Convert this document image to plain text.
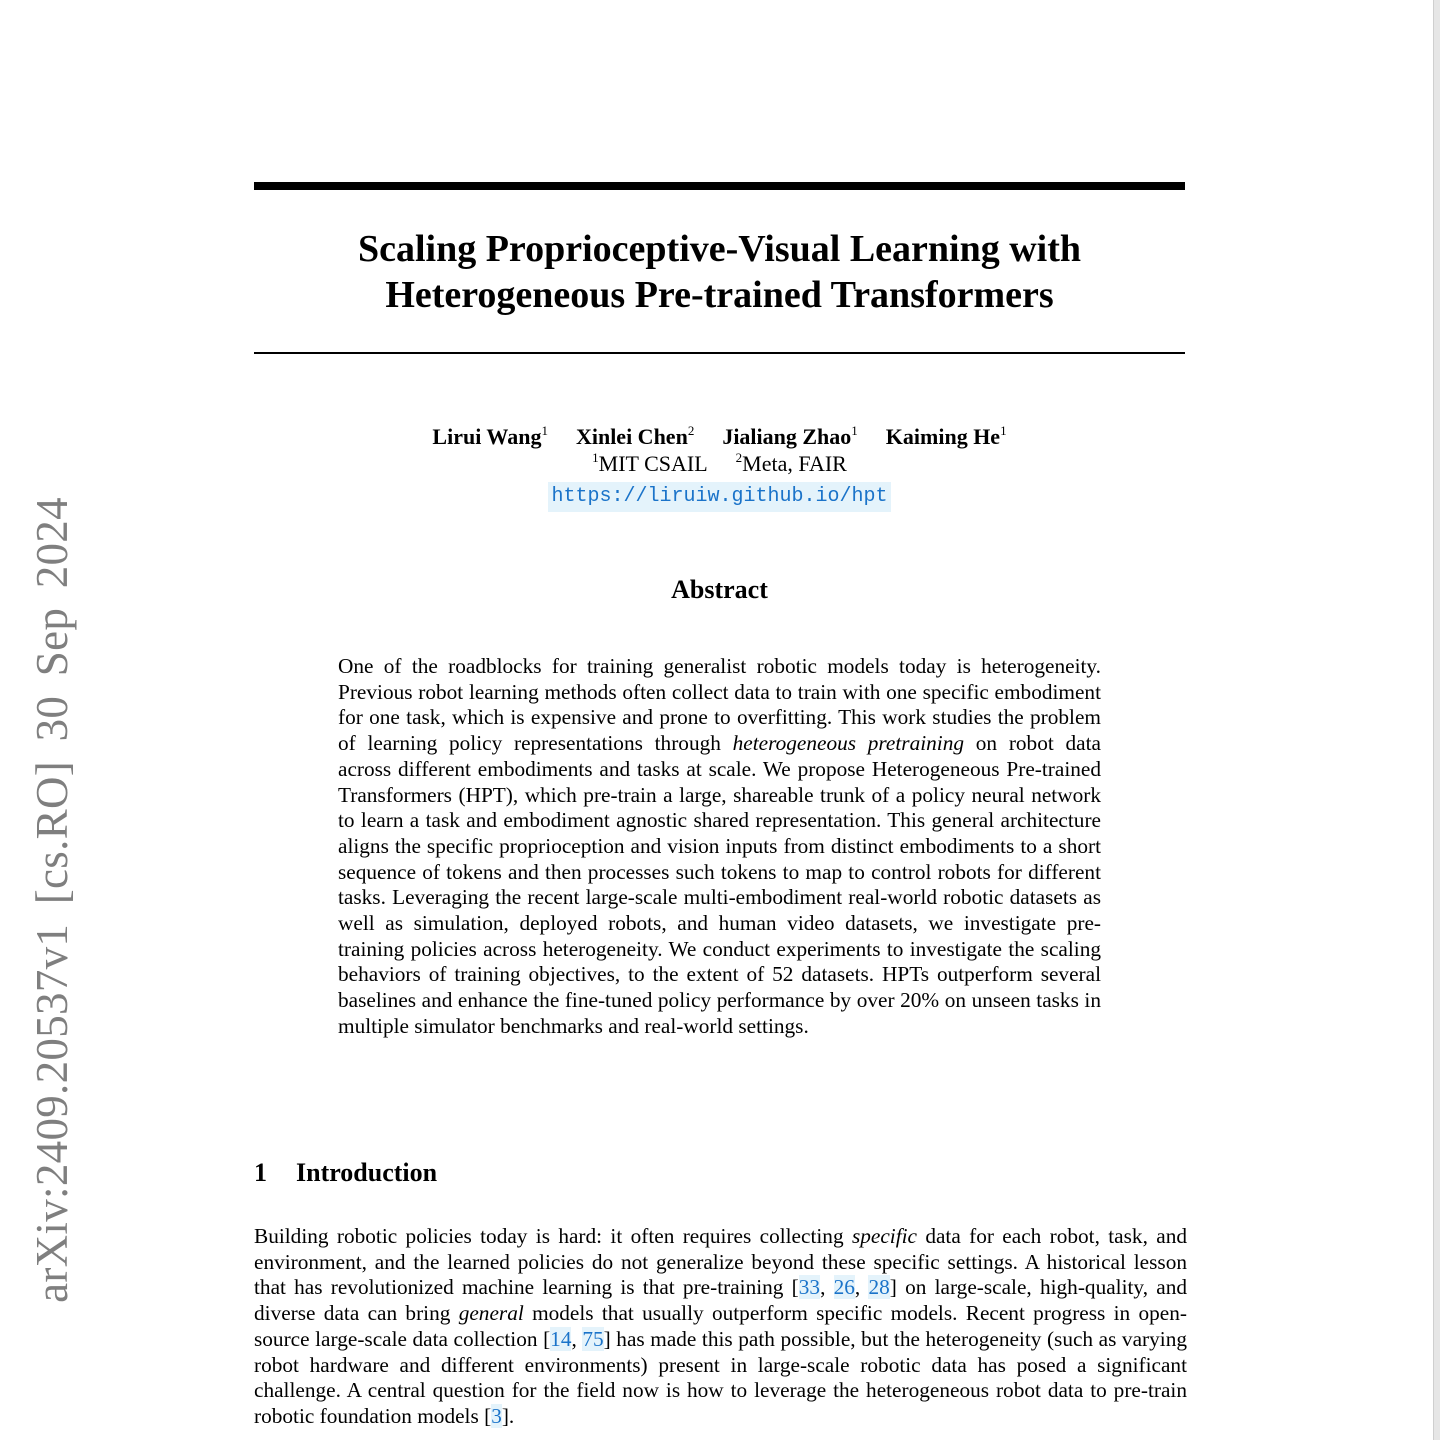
arXiv:2409.20537v1 [cs.RO] 30 Sep 2024
Scaling Proprioceptive-Visual Learning with
Heterogeneous Pre-trained Transformers
Lirui Wang$^1$ Xinlei Chen$^2$ Jialiang Zhao$^1$ Kaiming He$^1$
$^1$MIT CSAIL $^2$Meta, FAIR
https://liruiw.github.io/hpt
Abstract
One of the roadblocks for training generalist robotic models today is heterogeneity. Previous robot learning methods often collect data to train with one specific embodiment for one task, which is expensive and prone to overfitting. This work studies the problem of learning policy representations through heterogeneous pretraining on robot data across different embodiments and tasks at scale. We propose Heterogeneous Pre-trained Transformers (HPT), which pre-train a large, shareable trunk of a policy neural network to learn a task and embodiment agnostic shared representation. This general architecture aligns the specific proprioception and vision inputs from distinct embodiments to a short sequence of tokens and then processes such tokens to map to control robots for different tasks. Leveraging the recent large-scale multi-embodiment real-world robotic datasets as well as simulation, deployed robots, and human video datasets, we investigate pre-training policies across heterogeneity. We conduct experiments to investigate the scaling behaviors of training objectives, to the extent of 52 datasets. HPTs outperform several baselines and enhance the fine-tuned policy performance by over 20% on unseen tasks in multiple simulator benchmarks and real-world settings.
1 Introduction
Building robotic policies today is hard: it often requires collecting specific data for each robot, task, and environment, and the learned policies do not generalize beyond these specific settings. A historical lesson that has revolutionized machine learning is that pre-training [33, 26, 28] on large-scale, high-quality, and diverse data can bring general models that usually outperform specific models. Recent progress in open-source large-scale data collection [14, 75] has made this path possible, but the heterogeneity (such as varying robot hardware and different environments) present in large-scale robotic data has posed a significant challenge. A central question for the field now is how to leverage the heterogeneous robot data to pre-train robotic foundation models [3].
